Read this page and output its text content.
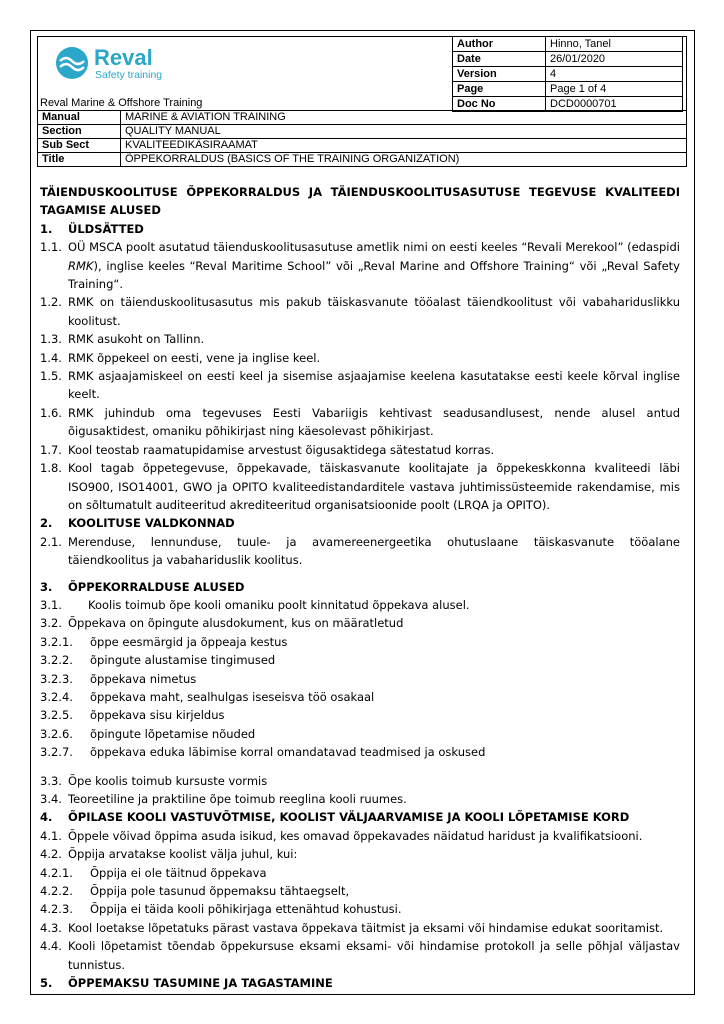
Reval
Safety training
Reval Marine & Offshore Training
Author	Hinno, Tanel
Date	26/01/2020
Version	4
Page	Page 1 of 4
Doc No	DCD0000701
Manual	MARINE & AVIATION TRAINING
Section	QUALITY MANUAL
Sub Sect	KVALITEEDIKÄSIRAAMAT
Title	ÕPPEKORRALDUS (BASICS OF THE TRAINING ORGANIZATION)
TÄIENDUSKOOLITUSE ÕPPEKORRALDUS JA TÄIENDUSKOOLITUSASUTUSE TEGEVUSE KVALITEEDI TAGAMISE ALUSED
1.	ÜLDSÄTTED
1.1. OÜ MSCA poolt asutatud täienduskoolitusasutuse ametlik nimi on eesti keeles “Revali Merekool” (edaspidi RMK), inglise keeles “Reval Maritime School” või „Reval Marine and Offshore Training“ või „Reval Safety Training“.
1.2. RMK on täienduskoolitusasutus mis pakub täiskasvanute tööalast täiendkoolitust või vabahariduslikku koolitust.
1.3. RMK asukoht on Tallinn.
1.4. RMK õppekeel on eesti, vene ja inglise keel.
1.5. RMK asjaajamiskeel on eesti keel ja sisemise asjaajamise keelena kasutatakse eesti keele kõrval inglise keelt.
1.6. RMK juhindub oma tegevuses Eesti Vabariigis kehtivast seadusandlusest, nende alusel antud õigusaktidest, omaniku põhikirjast ning käesolevast põhikirjast.
1.7. Kool teostab raamatupidamise arvestust õigusaktidega sätestatud korras.
1.8. Kool tagab õppetegevuse, õppekavade, täiskasvanute koolitajate ja õppekeskkonna kvaliteedi läbi ISO900, ISO14001, GWO ja OPITO kvaliteedistandarditele vastava juhtimissüsteemide rakendamise, mis on sõltumatult auditeeritud akrediteeritud organisatsioonide poolt (LRQA ja OPITO).
2.	KOOLITUSE VALDKONNAD
2.1. Merenduse, lennunduse, tuule- ja avamereenergeetika ohutuslaane täiskasvanute tööalane täiendkoolitus ja vabahariduslik koolitus.
3.	ÕPPEKORRALDUSE ALUSED
3.1.	Koolis toimub õpe kooli omaniku poolt kinnitatud õppekava alusel.
3.2. Õppekava on õpingute alusdokument, kus on määratletud
3.2.1.	õppe eesmärgid ja õppeaja kestus
3.2.2.	õpingute alustamise tingimused
3.2.3.	õppekava nimetus
3.2.4.	õppekava maht, sealhulgas iseseisva töö osakaal
3.2.5.	õppekava sisu kirjeldus
3.2.6.	õpingute lõpetamise nõuded
3.2.7.	õppekava eduka läbimise korral omandatavad teadmised ja oskused
3.3. Õpe koolis toimub kursuste vormis
3.4. Teoreetiline ja praktiline õpe toimub reeglina kooli ruumes.
4.	ÕPILASE KOOLI VASTUVÕTMISE, KOOLIST VÄLJAARVAMISE JA KOOLI LÕPETAMISE KORD
4.1. Õppele võivad õppima asuda isikud, kes omavad õppekavades näidatud haridust ja kvalifikatsiooni.
4.2. Õppija arvatakse koolist välja juhul, kui:
4.2.1.	Õppija ei ole täitnud õppekava
4.2.2.	Õppija pole tasunud õppemaksu tähtaegselt,
4.2.3.	Õppija ei täida kooli põhikirjaga ettenähtud kohustusi.
4.3. Kool loetakse lõpetatuks pärast vastava õppekava täitmist ja eksami või hindamise edukat sooritamist.
4.4. Kooli lõpetamist tõendab õppekursuse eksami eksami- või hindamise protokoll ja selle põhjal väljastav tunnistus.
5.	ÕPPEMAKSU TASUMINE JA TAGASTAMINE
